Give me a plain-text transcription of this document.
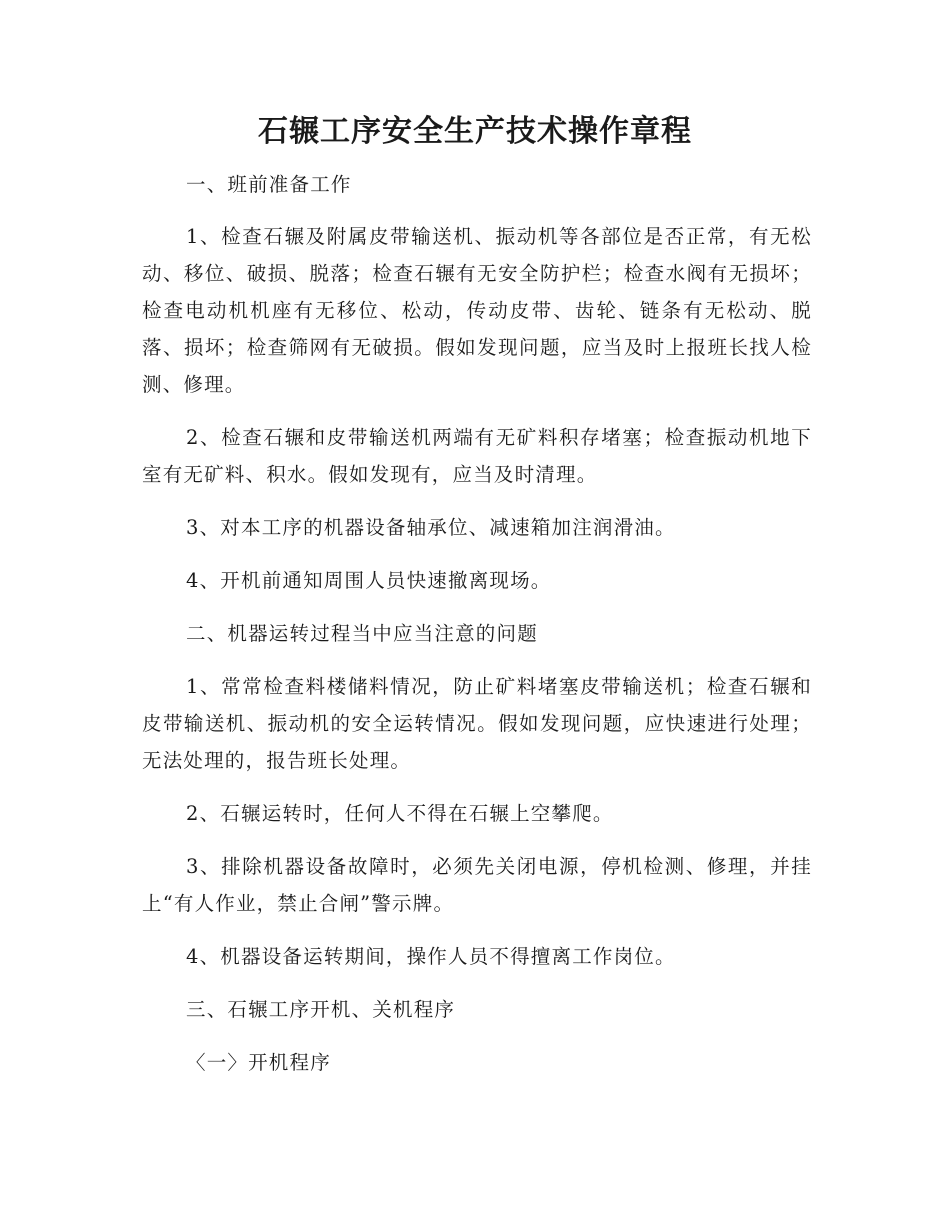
石辗工序安全生产技术操作章程

一、班前准备工作

1、检查石辗及附属皮带输送机、振动机等各部位是否正常，有无松动、移位、破损、脱落；检查石辗有无安全防护栏；检查水阀有无损坏；检查电动机机座有无移位、松动，传动皮带、齿轮、链条有无松动、脱落、损坏；检查筛网有无破损。假如发现问题，应当及时上报班长找人检测、修理。

2、检查石辗和皮带输送机两端有无矿料积存堵塞；检查振动机地下室有无矿料、积水。假如发现有，应当及时清理。

3、对本工序的机器设备轴承位、减速箱加注润滑油。

4、开机前通知周围人员快速撤离现场。

二、机器运转过程当中应当注意的问题

1、常常检查料楼储料情况，防止矿料堵塞皮带输送机；检查石辗和皮带输送机、振动机的安全运转情况。假如发现问题，应快速进行处理；无法处理的，报告班长处理。

2、石辗运转时，任何人不得在石辗上空攀爬。

3、排除机器设备故障时，必须先关闭电源，停机检测、修理，并挂上“有人作业，禁止合闸”警示牌。

4、机器设备运转期间，操作人员不得擅离工作岗位。

三、石辗工序开机、关机程序

〈一〉开机程序
